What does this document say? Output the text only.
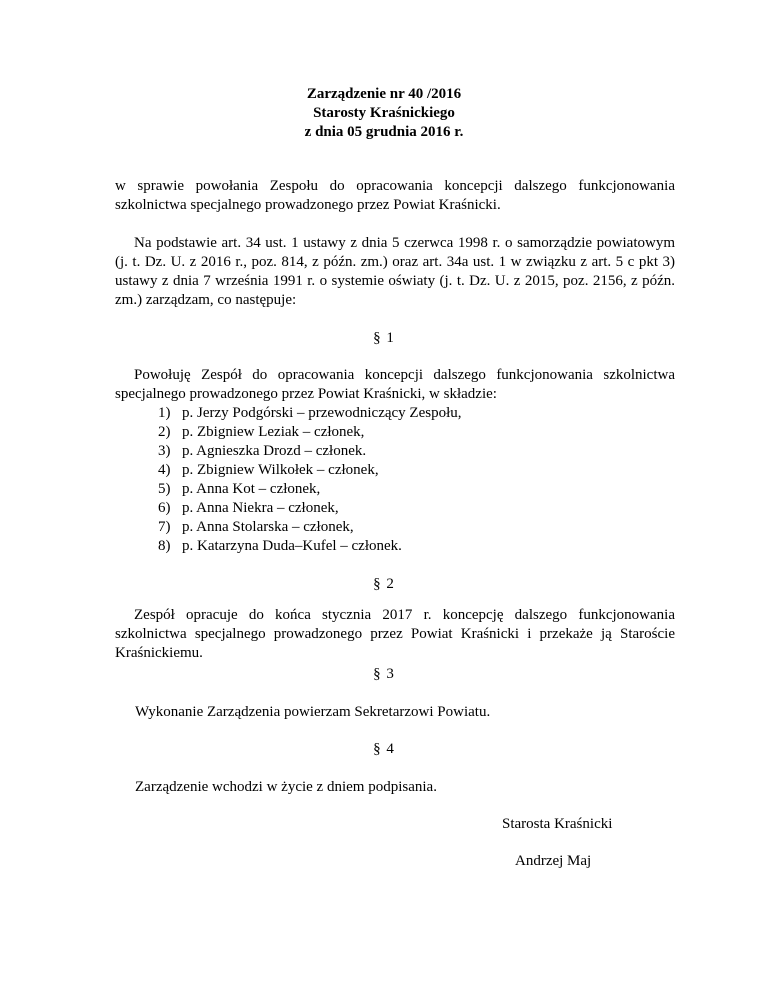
Zarządzenie nr 40 /2016
Starosty Kraśnickiego
z dnia 05 grudnia 2016 r.
w sprawie powołania Zespołu do opracowania koncepcji dalszego funkcjonowania szkolnictwa specjalnego prowadzonego przez Powiat Kraśnicki.
Na podstawie art. 34 ust. 1 ustawy z dnia 5 czerwca 1998 r. o samorządzie powiatowym (j. t. Dz. U. z 2016 r., poz. 814, z późn. zm.) oraz art. 34a ust. 1 w związku z art. 5 c pkt 3) ustawy z dnia 7 września 1991 r. o systemie oświaty (j. t. Dz. U. z 2015, poz. 2156, z późn. zm.) zarządzam, co następuje:
§ 1
Powołuję Zespół do opracowania koncepcji dalszego funkcjonowania szkolnictwa specjalnego prowadzonego przez Powiat Kraśnicki, w składzie:
1) p. Jerzy Podgórski – przewodniczący Zespołu,
2) p. Zbigniew Leziak – członek,
3) p. Agnieszka Drozd – członek.
4) p. Zbigniew Wilkołek – członek,
5) p. Anna Kot – członek,
6) p. Anna Niekra – członek,
7) p. Anna Stolarska – członek,
8) p. Katarzyna Duda–Kufel – członek.
§ 2
Zespół opracuje do końca stycznia 2017 r. koncepcję dalszego funkcjonowania szkolnictwa specjalnego prowadzonego przez Powiat Kraśnicki i przekaże ją Staroście Kraśnickiemu.
§ 3
Wykonanie Zarządzenia powierzam Sekretarzowi Powiatu.
§ 4
Zarządzenie wchodzi w życie z dniem podpisania.
Starosta Kraśnicki
Andrzej Maj
